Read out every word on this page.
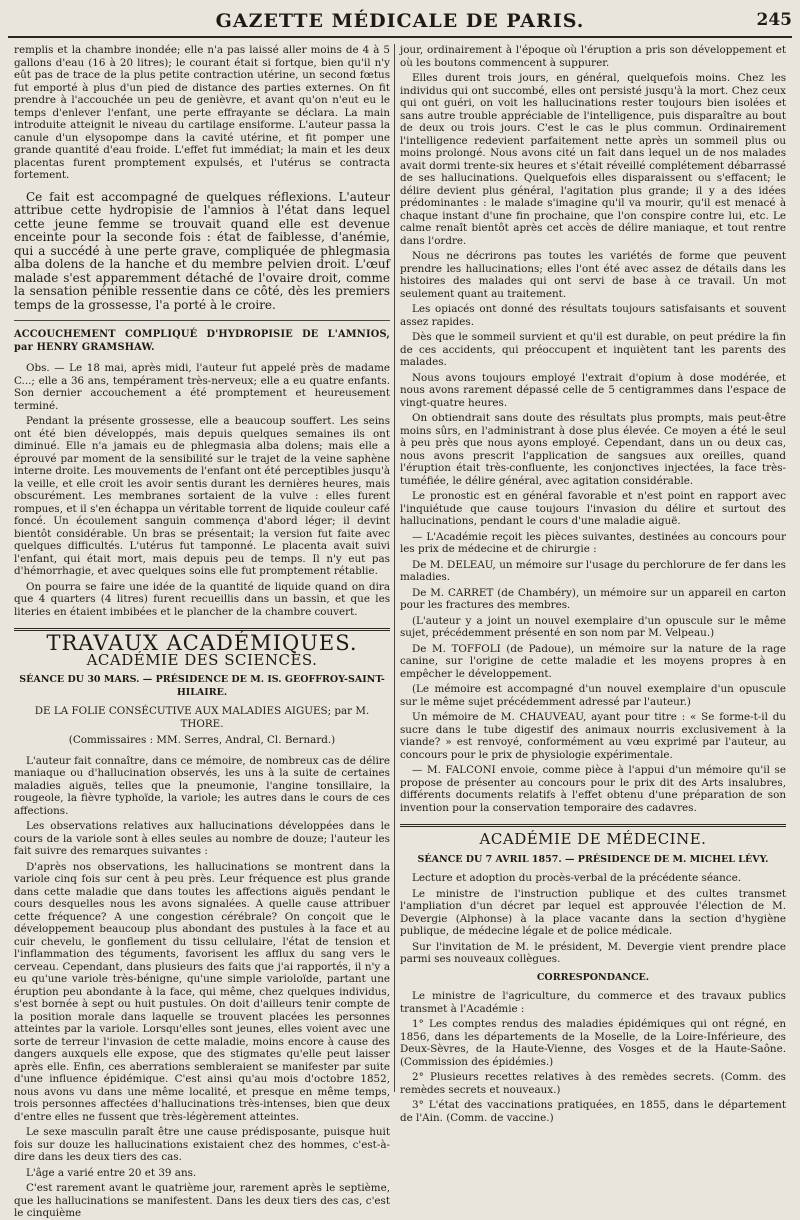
GAZETTE MÉDICALE DE PARIS.	245

remplis et la chambre inondée; elle n'a pas laissé aller moins de 4 à 5 gallons d'eau (16 à 20 litres); le courant était si fortque, bien qu'il n'y eût pas de trace de la plus petite contraction utérine, un second fœtus fut emporté à plus d'un pied de distance des parties externes. On fit prendre à l'accouchée un peu de genièvre, et avant qu'on n'eut eu le temps d'enlever l'enfant, une perte effrayante se déclara. La main introduite atteignit le niveau du cartilage ensiforme. L'auteur passa la canule d'un elysopompe dans la cavité utérine, et fit pomper une grande quantité d'eau froide. L'effet fut immédiat; la main et les deux placentas furent promptement expulsés, et l'utérus se contracta fortement.

Ce fait est accompagné de quelques réflexions. L'auteur attribue cette hydropisie de l'amnios à l'état dans lequel cette jeune femme se trouvait quand elle est devenue enceinte pour la seconde fois : état de faiblesse, d'anémie, qui a succédé à une perte grave, compliquée de phlegmasia alba dolens de la hanche et du membre pelvien droit. L'œuf malade s'est apparemment détaché de l'ovaire droit, comme la sensation pénible ressentie dans ce côté, dès les premiers temps de la grossesse, l'a porté à le croire.

ACCOUCHEMENT COMPLIQUÉ D'HYDROPISIE DE L'AMNIOS, par HENRY GRAMSHAW.

Obs. — Le 18 mai, après midi, l'auteur fut appelé près de madame C...; elle a 36 ans, tempérament très-nerveux; elle a eu quatre enfants. Son dernier accouchement a été promptement et heureusement terminé.

Pendant la présente grossesse, elle a beaucoup souffert. Les seins ont été bien développés, mais depuis quelques semaines ils ont diminué. Elle n'a jamais eu de phlegmasia alba dolens; mais elle a éprouvé par moment de la sensibilité sur le trajet de la veine saphène interne droite. Les mouvements de l'enfant ont été perceptibles jusqu'à la veille, et elle croit les avoir sentis durant les dernières heures, mais obscurément. Les membranes sortaient de la vulve : elles furent rompues, et il s'en échappa un véritable torrent de liquide couleur café foncé. Un écoulement sanguin commença d'abord léger; il devint bientôt considérable. Un bras se présentait; la version fut faite avec quelques difficultés. L'utérus fut tamponné. Le placenta avait suivi l'enfant, qui était mort, mais depuis peu de temps. Il n'y eut pas d'hémorrhagie, et avec quelques soins elle fut promptement rétablie.

On pourra se faire une idée de la quantité de liquide quand on dira que 4 quarters (4 litres) furent recueillis dans un bassin, et que les literies en étaient imbibées et le plancher de la chambre couvert.

TRAVAUX ACADÉMIQUES.

ACADÉMIE DES SCIENCES.

SÉANCE DU 30 MARS. — PRÉSIDENCE DE M. IS. GEOFFROY-SAINT-HILAIRE.

DE LA FOLIE CONSÉCUTIVE AUX MALADIES AIGUES; par M. THORE.

(Commissaires : MM. Serres, Andral, Cl. Bernard.)

L'auteur fait connaître, dans ce mémoire, de nombreux cas de délire maniaque ou d'hallucination observés, les uns à la suite de certaines maladies aiguës, telles que la pneumonie, l'angine tonsillaire, la rougeole, la fièvre typhoïde, la variole; les autres dans le cours de ces affections.

Les observations relatives aux hallucinations développées dans le cours de la variole sont à elles seules au nombre de douze; l'auteur les fait suivre des remarques suivantes :

D'après nos observations, les hallucinations se montrent dans la variole cinq fois sur cent à peu près. Leur fréquence est plus grande dans cette maladie que dans toutes les affections aiguës pendant le cours desquelles nous les avons signalées. A quelle cause attribuer cette fréquence? A une congestion cérébrale? On conçoit que le développement beaucoup plus abondant des pustules à la face et au cuir chevelu, le gonflement du tissu cellulaire, l'état de tension et l'inflammation des téguments, favorisent les afflux du sang vers le cerveau. Cependant, dans plusieurs des faits que j'ai rapportés, il n'y a eu qu'une variole très-bénigne, qu'une simple varioloïde, partant une éruption peu abondante à la face, qui même, chez quelques individus, s'est bornée à sept ou huit pustules. On doit d'ailleurs tenir compte de la position morale dans laquelle se trouvent placées les personnes atteintes par la variole. Lorsqu'elles sont jeunes, elles voient avec une sorte de terreur l'invasion de cette maladie, moins encore à cause des dangers auxquels elle expose, que des stigmates qu'elle peut laisser après elle. Enfin, ces aberrations sembleraient se manifester par suite d'une influence épidémique. C'est ainsi qu'au mois d'octobre 1852, nous avons vu dans une même localité, et presque en même temps, trois personnes affectées d'hallucinations très-intenses, bien que deux d'entre elles ne fussent que très-légèrement atteintes.

Le sexe masculin paraît être une cause prédisposante, puisque huit fois sur douze les hallucinations existaient chez des hommes, c'est-à-dire dans les deux tiers des cas.

L'âge a varié entre 20 et 39 ans.

C'est rarement avant le quatrième jour, rarement après le septième, que les hallucinations se manifestent. Dans les deux tiers des cas, c'est le cinquième

jour, ordinairement à l'époque où l'éruption a pris son développement et où les boutons commencent à suppurer.

Elles durent trois jours, en général, quelquefois moins. Chez les individus qui ont succombé, elles ont persisté jusqu'à la mort. Chez ceux qui ont guéri, on voit les hallucinations rester toujours bien isolées et sans autre trouble appréciable de l'intelligence, puis disparaître au bout de deux ou trois jours. C'est le cas le plus commun. Ordinairement l'intelligence redevient parfaitement nette après un sommeil plus ou moins prolongé. Nous avons cité un fait dans lequel un de nos malades avait dormi trente-six heures et s'était réveillé complétement débarrassé de ses hallucinations. Quelquefois elles disparaissent ou s'effacent; le délire devient plus général, l'agitation plus grande; il y a des idées prédominantes : le malade s'imagine qu'il va mourir, qu'il est menacé à chaque instant d'une fin prochaine, que l'on conspire contre lui, etc. Le calme renaît bientôt après cet accès de délire maniaque, et tout rentre dans l'ordre.

Nous ne décrirons pas toutes les variétés de forme que peuvent prendre les hallucinations; elles l'ont été avec assez de détails dans les histoires des malades qui ont servi de base à ce travail. Un mot seulement quant au traitement.

Les opiacés ont donné des résultats toujours satisfaisants et souvent assez rapides.

Dès que le sommeil survient et qu'il est durable, on peut prédire la fin de ces accidents, qui préoccupent et inquiètent tant les parents des malades.

Nous avons toujours employé l'extrait d'opium à dose modérée, et nous avons rarement dépassé celle de 5 centigrammes dans l'espace de vingt-quatre heures.

On obtiendrait sans doute des résultats plus prompts, mais peut-être moins sûrs, en l'administrant à dose plus élevée. Ce moyen a été le seul à peu près que nous ayons employé. Cependant, dans un ou deux cas, nous avons prescrit l'application de sangsues aux oreilles, quand l'éruption était très-confluente, les conjonctives injectées, la face très-tuméfiée, le délire général, avec agitation considérable.

Le pronostic est en général favorable et n'est point en rapport avec l'inquiétude que cause toujours l'invasion du délire et surtout des hallucinations, pendant le cours d'une maladie aiguë.

— L'Académie reçoit les pièces suivantes, destinées au concours pour les prix de médecine et de chirurgie :

De M. DELEAU, un mémoire sur l'usage du perchlorure de fer dans les maladies.

De M. CARRET (de Chambéry), un mémoire sur un appareil en carton pour les fractures des membres.

(L'auteur y a joint un nouvel exemplaire d'un opuscule sur le même sujet, précédemment présenté en son nom par M. Velpeau.)

De M. TOFFOLI (de Padoue), un mémoire sur la nature de la rage canine, sur l'origine de cette maladie et les moyens propres à en empêcher le développement.

(Le mémoire est accompagné d'un nouvel exemplaire d'un opuscule sur le même sujet précédemment adressé par l'auteur.)

Un mémoire de M. CHAUVEAU, ayant pour titre : « Se forme-t-il du sucre dans le tube digestif des animaux nourris exclusivement à la viande? » est renvoyé, conformément au vœu exprimé par l'auteur, au concours pour le prix de physiologie expérimentale.

— M. FALCONI envoie, comme pièce à l'appui d'un mémoire qu'il se propose de présenter au concours pour le prix dit des Arts insalubres, différents documents relatifs à l'effet obtenu d'une préparation de son invention pour la conservation temporaire des cadavres.

ACADÉMIE DE MÉDECINE.

SÉANCE DU 7 AVRIL 1857. — PRÉSIDENCE DE M. MICHEL LÉVY.

Lecture et adoption du procès-verbal de la précédente séance.

Le ministre de l'instruction publique et des cultes transmet l'ampliation d'un décret par lequel est approuvée l'élection de M. Devergie (Alphonse) à la place vacante dans la section d'hygiène publique, de médecine légale et de police médicale.

Sur l'invitation de M. le président, M. Devergie vient prendre place parmi ses nouveaux collègues.

CORRESPONDANCE.

Le ministre de l'agriculture, du commerce et des travaux publics transmet à l'Académie :

1° Les comptes rendus des maladies épidémiques qui ont régné, en 1856, dans les départements de la Moselle, de la Loire-Inférieure, des Deux-Sèvres, de la Haute-Vienne, des Vosges et de la Haute-Saône. (Commission des épidémies.)

2° Plusieurs recettes relatives à des remèdes secrets. (Comm. des remèdes secrets et nouveaux.)

3° L'état des vaccinations pratiquées, en 1855, dans le département de l'Ain. (Comm. de vaccine.)
